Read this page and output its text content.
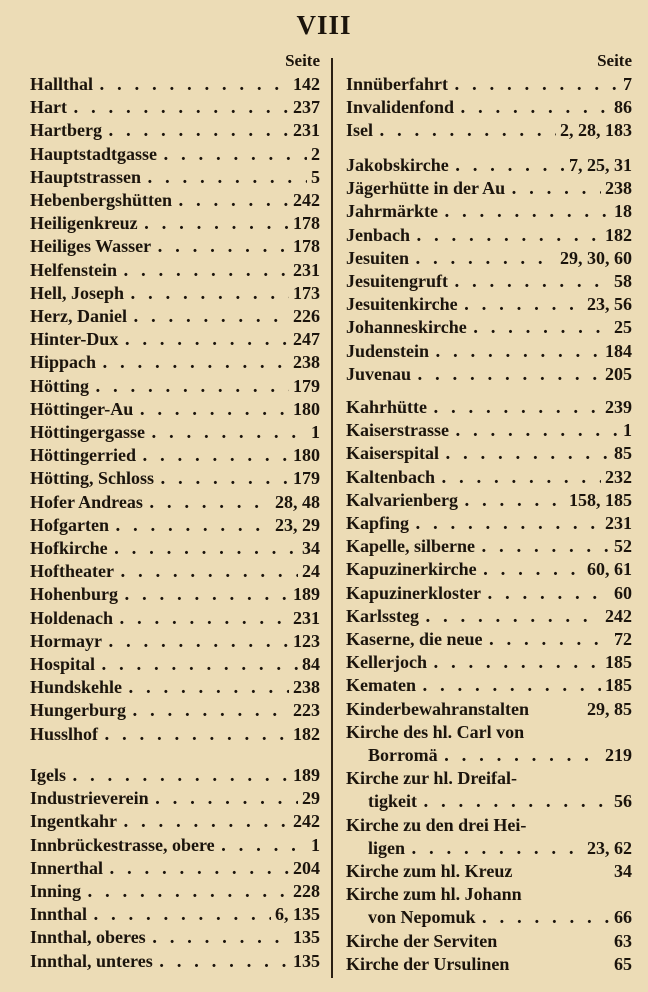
VIII
Seite
Hallthal . . .	142
Hart . . .	237
Hartberg . . .	231
Hauptstadtgasse . . .	2
Hauptstrassen . . .	5
Hebenbergshütten . . .	242
Heiligenkreuz . . .	178
Heiliges Wasser . . .	178
Helfenstein . . .	231
Hell, Joseph . . .	173
Herz, Daniel . . .	226
Hinter-Dux . . .	247
Hippach . . .	238
Hötting . . .	179
Höttinger-Au . . .	180
Höttingergasse . . .	1
Höttingerried . . .	180
Hötting, Schloss . . .	179
Hofer Andreas . . .	28, 48
Hofgarten . . .	23, 29
Hofkirche . . .	34
Hoftheater . . .	24
Hohenburg . . .	189
Holdenach . . .	231
Hormayr . . .	123
Hospital . . .	84
Hundskehle . . .	238
Hungerburg . . .	223
Husslhof . . .	182
Igels . . .	189
Industrieverein . . .	29
Ingentkahr . . .	242
Innbrückestrasse, obere . . .	1
Innerthal . . .	204
Inning . . .	228
Innthal . . .	6, 135
Innthal, oberes . . .	135
Innthal, unteres . . .	135
Seite
Innüberfahrt . . .	7
Invalidenfond . . .	86
Isel . . .	2, 28, 183
Jakobskirche . . .	7, 25, 31
Jägerhütte in der Au . . .	238
Jahrmärkte . . .	18
Jenbach . . .	182
Jesuiten . . .	29, 30, 60
Jesuitengruft . . .	58
Jesuitenkirche . . .	23, 56
Johanneskirche . . .	25
Judenstein . . .	184
Juvenau . . .	205
Kahrhütte . . .	239
Kaiserstrasse . . .	1
Kaiserspital . . .	85
Kaltenbach . . .	232
Kalvarienberg . . .	158, 185
Kapfing . . .	231
Kapelle, silberne . . .	52
Kapuzinerkirche . . .	60, 61
Kapuzinerkloster . . .	60
Karlssteg . . .	242
Kaserne, die neue . . .	72
Kellerjoch . . .	185
Kematen . . .	185
Kinderbewahranstalten	29, 85
Kirche des hl. Carl von
Borromä . . .	219
Kirche zur hl. Dreifal-
tigkeit . . .	56
Kirche zu den drei Hei-
ligen . . .	23, 62
Kirche zum hl. Kreuz	34
Kirche zum hl. Johann
von Nepomuk . . .	66
Kirche der Serviten	63
Kirche der Ursulinen	65
